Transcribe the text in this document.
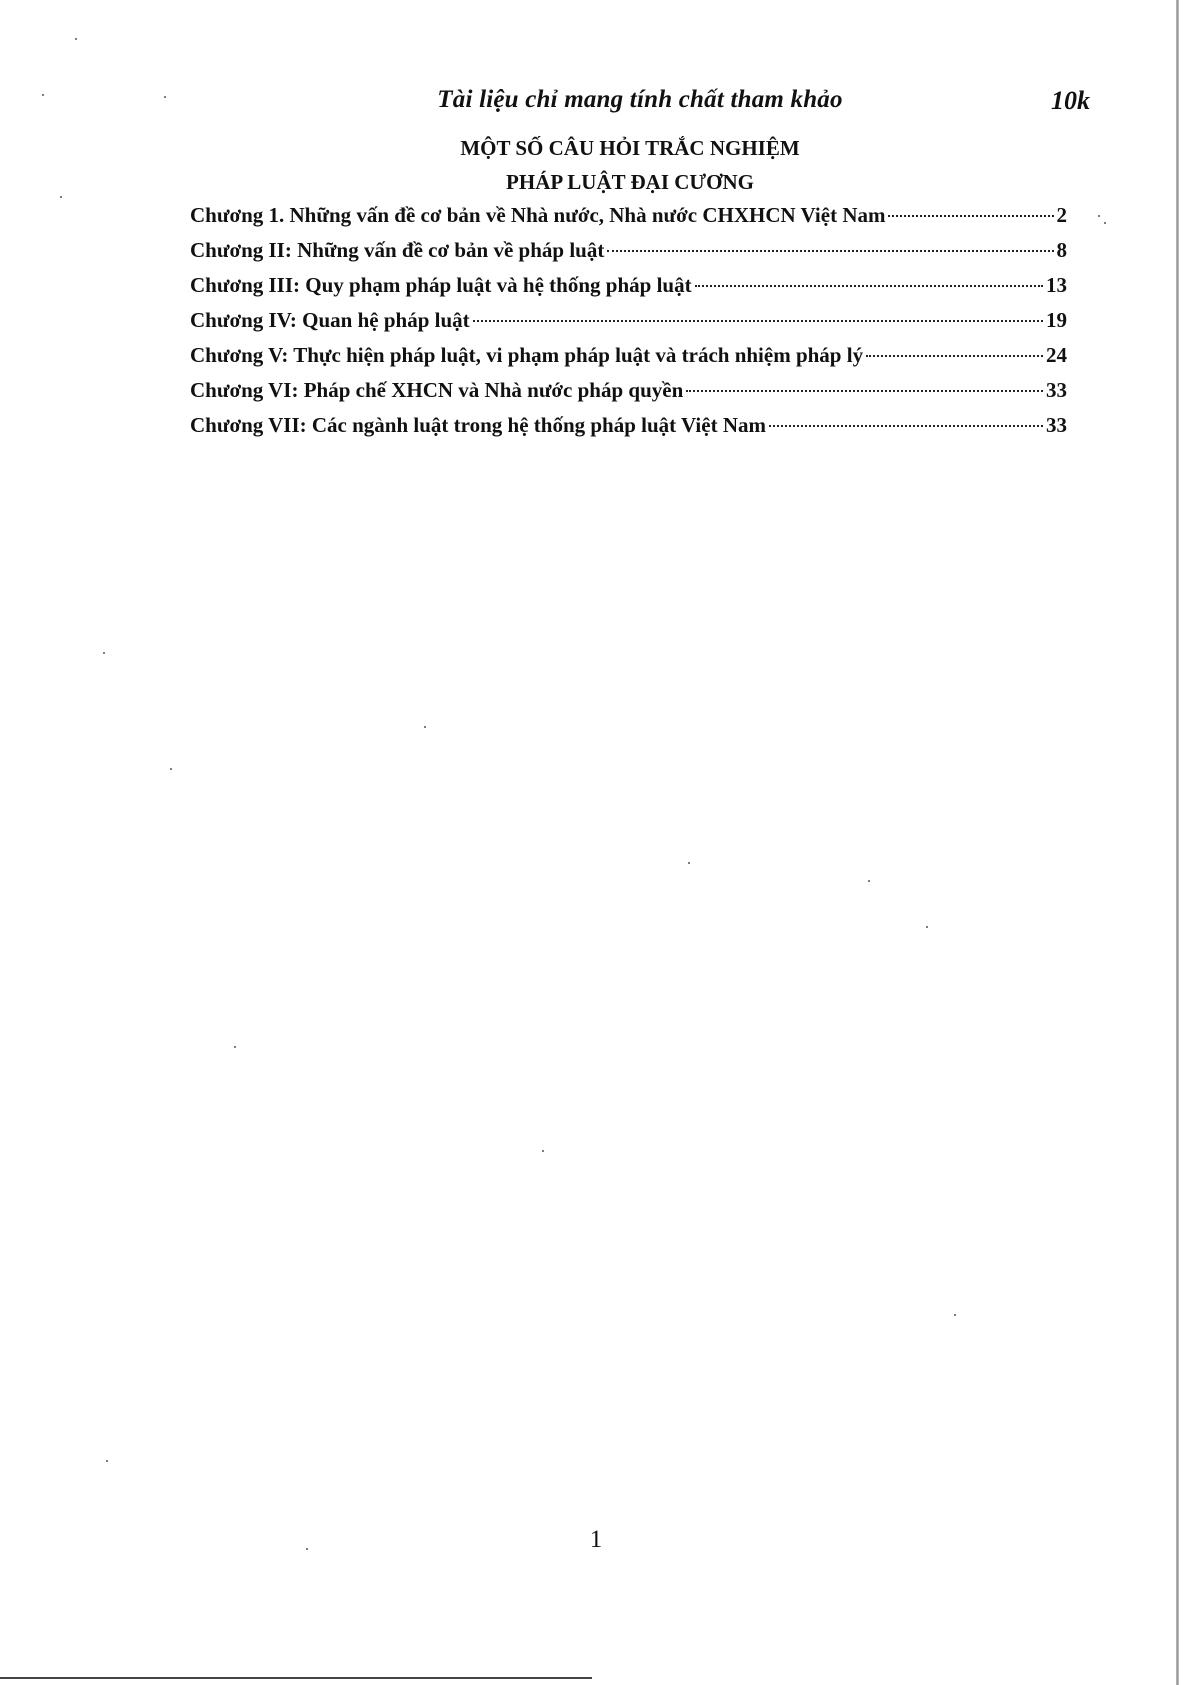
Tài liệu chỉ mang tính chất tham khảo	10k
MỘT SỐ CÂU HỎI TRẮC NGHIỆM
PHÁP LUẬT ĐẠI CƯƠNG
Chương 1. Những vấn đề cơ bản về Nhà nước, Nhà nước CHXHCN Việt Nam	2
Chương II: Những vấn đề cơ bản về pháp luật	8
Chương III: Quy phạm pháp luật và hệ thống pháp luật	13
Chương IV: Quan hệ pháp luật	19
Chương V: Thực hiện pháp luật, vi phạm pháp luật và trách nhiệm pháp lý	24
Chương VI: Pháp chế XHCN và Nhà nước pháp quyền	33
Chương VII: Các ngành luật trong hệ thống pháp luật Việt Nam	33
1
